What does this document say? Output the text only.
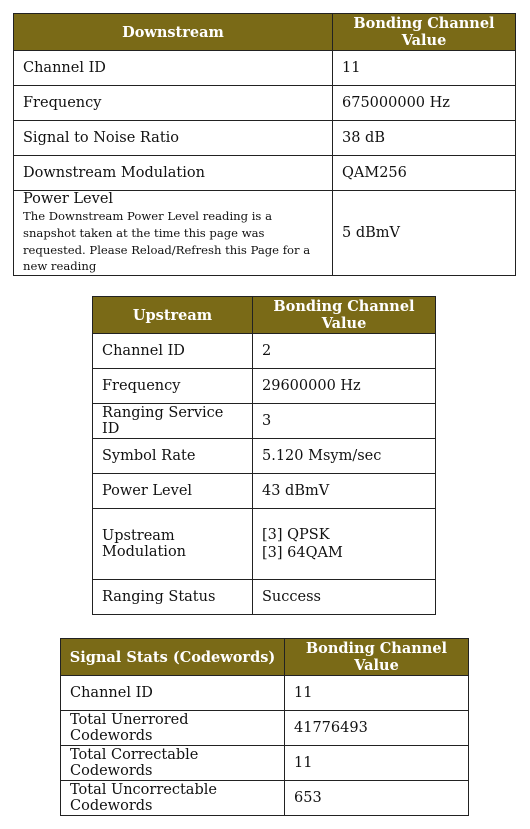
Downstream	Bonding Channel Value
Channel ID	11
Frequency	675000000 Hz
Signal to Noise Ratio	38 dB
Downstream Modulation	QAM256

Power Level
The Downstream Power Level reading is a snapshot taken at the time this page was requested. Please Reload/Refresh this Page for a new reading	5 dBmV
Upstream	Bonding Channel Value
Channel ID	2
Frequency	29600000 Hz
Ranging Service ID	3
Symbol Rate	5.120 Msym/sec
Power Level	43 dBmV
Upstream Modulation	[3] QPSK
[3] 64QAM
Ranging Status	Success
Signal Stats (Codewords)	Bonding Channel Value
Channel ID	11
Total Unerrored Codewords	41776493
Total Correctable Codewords	11
Total Uncorrectable Codewords	653
